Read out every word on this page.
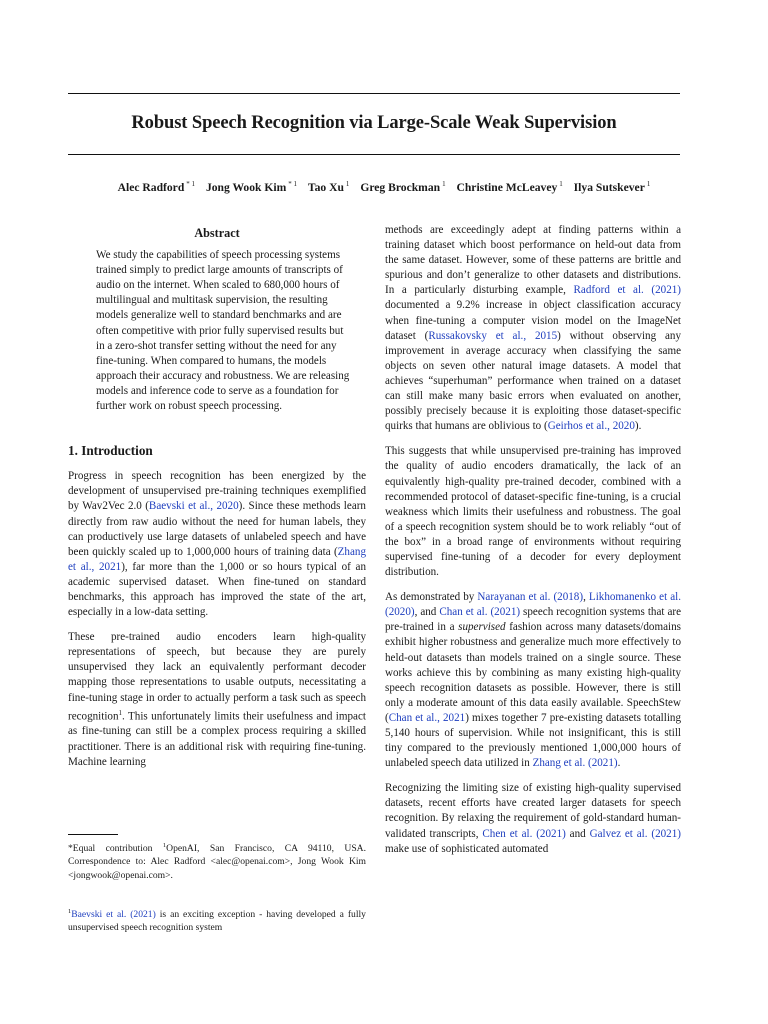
Robust Speech Recognition via Large-Scale Weak Supervision
Alec Radford $^{* 1}$ Jong Wook Kim $^{* 1}$ Tao Xu $^1$ Greg Brockman $^1$ Christine McLeavey $^1$ Ilya Sutskever $^1$
Abstract
We study the capabilities of speech processing systems trained simply to predict large amounts of transcripts of audio on the internet. When scaled to 680,000 hours of multilingual and multitask supervision, the resulting models generalize well to standard benchmarks and are often competitive with prior fully supervised results but in a zero-shot transfer setting without the need for any fine-tuning. When compared to humans, the models approach their accuracy and robustness. We are releasing models and inference code to serve as a foundation for further work on robust speech processing.
1. Introduction

Progress in speech recognition has been energized by the development of unsupervised pre-training techniques exemplified by Wav2Vec 2.0 (Baevski et al., 2020). Since these methods learn directly from raw audio without the need for human labels, they can productively use large datasets of unlabeled speech and have been quickly scaled up to 1,000,000 hours of training data (Zhang et al., 2021), far more than the 1,000 or so hours typical of an academic supervised dataset. When fine-tuned on standard benchmarks, this approach has improved the state of the art, especially in a low-data setting.

These pre-trained audio encoders learn high-quality representations of speech, but because they are purely unsupervised they lack an equivalently performant decoder mapping those representations to usable outputs, necessitating a fine-tuning stage in order to actually perform a task such as speech recognition$^1$. This unfortunately limits their usefulness and impact as fine-tuning can still be a complex process requiring a skilled practitioner. There is an additional risk with requiring fine-tuning. Machine learning

*Equal contribution $^1$OpenAI, San Francisco, CA 94110, USA. Correspondence to: Alec Radford <alec@openai.com>, Jong Wook Kim <jongwook@openai.com>.

$^1$Baevski et al. (2021) is an exciting exception - having developed a fully unsupervised speech recognition system

methods are exceedingly adept at finding patterns within a training dataset which boost performance on held-out data from the same dataset. However, some of these patterns are brittle and spurious and don’t generalize to other datasets and distributions. In a particularly disturbing example, Radford et al. (2021) documented a 9.2% increase in object classification accuracy when fine-tuning a computer vision model on the ImageNet dataset (Russakovsky et al., 2015) without observing any improvement in average accuracy when classifying the same objects on seven other natural image datasets. A model that achieves “superhuman” performance when trained on a dataset can still make many basic errors when evaluated on another, possibly precisely because it is exploiting those dataset-specific quirks that humans are oblivious to (Geirhos et al., 2020).

This suggests that while unsupervised pre-training has improved the quality of audio encoders dramatically, the lack of an equivalently high-quality pre-trained decoder, combined with a recommended protocol of dataset-specific fine-tuning, is a crucial weakness which limits their usefulness and robustness. The goal of a speech recognition system should be to work reliably “out of the box” in a broad range of environments without requiring supervised fine-tuning of a decoder for every deployment distribution.

As demonstrated by Narayanan et al. (2018), Likhomanenko et al. (2020), and Chan et al. (2021) speech recognition systems that are pre-trained in a supervised fashion across many datasets/domains exhibit higher robustness and generalize much more effectively to held-out datasets than models trained on a single source. These works achieve this by combining as many existing high-quality speech recognition datasets as possible. However, there is still only a moderate amount of this data easily available. SpeechStew (Chan et al., 2021) mixes together 7 pre-existing datasets totalling 5,140 hours of supervision. While not insignificant, this is still tiny compared to the previously mentioned 1,000,000 hours of unlabeled speech data utilized in Zhang et al. (2021).

Recognizing the limiting size of existing high-quality supervised datasets, recent efforts have created larger datasets for speech recognition. By relaxing the requirement of gold-standard human-validated transcripts, Chen et al. (2021) and Galvez et al. (2021) make use of sophisticated automated
